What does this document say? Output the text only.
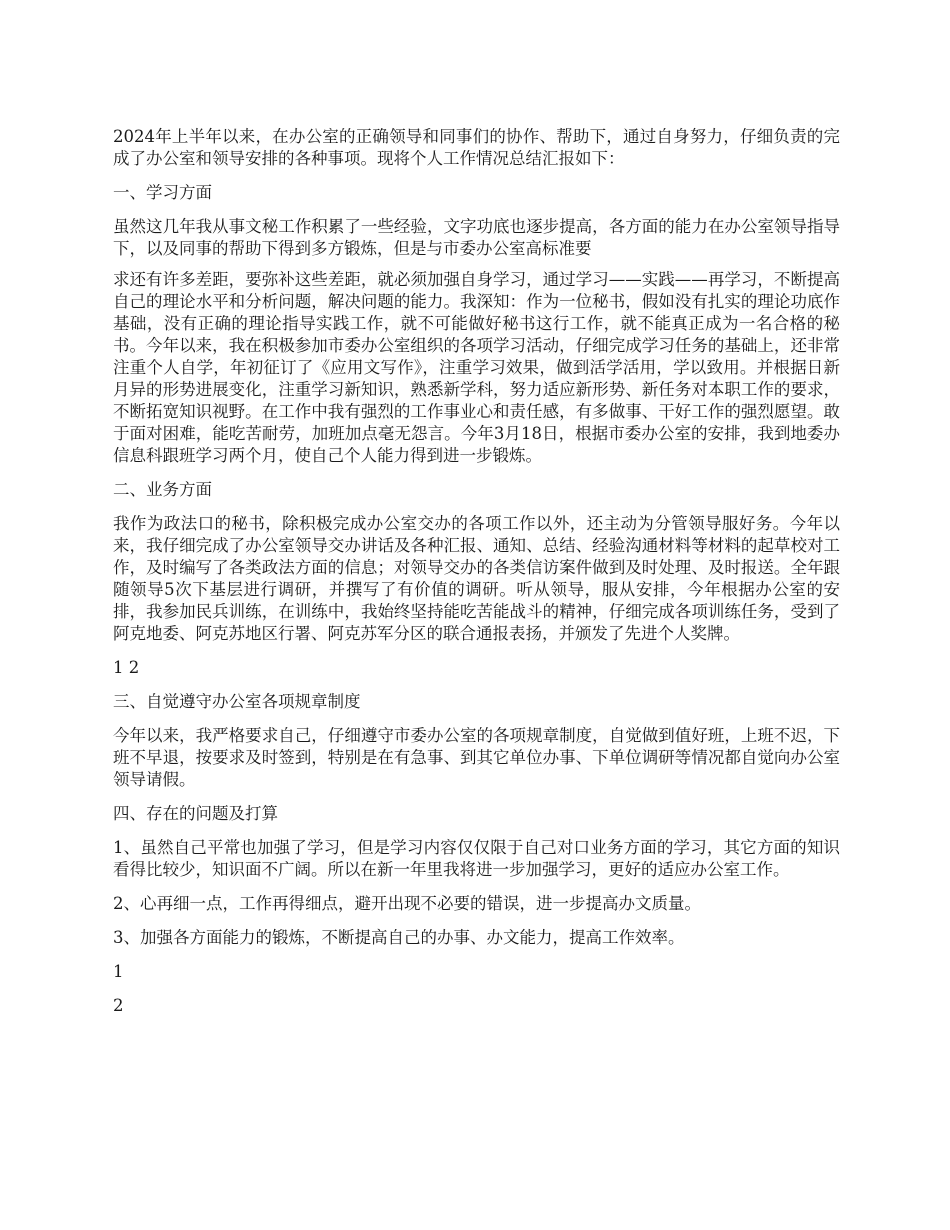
2024年上半年以来，在办公室的正确领导和同事们的协作、帮助下，通过自身努力，仔细负责的完成了办公室和领导安排的各种事项。现将个人工作情况总结汇报如下：

一、学习方面

虽然这几年我从事文秘工作积累了一些经验，文字功底也逐步提高，各方面的能力在办公室领导指导下，以及同事的帮助下得到多方锻炼，但是与市委办公室高标准要

求还有许多差距，要弥补这些差距，就必须加强自身学习，通过学习——实践——再学习，不断提高自己的理论水平和分析问题，解决问题的能力。我深知：作为一位秘书，假如没有扎实的理论功底作基础，没有正确的理论指导实践工作，就不可能做好秘书这行工作，就不能真正成为一名合格的秘书。今年以来，我在积极参加市委办公室组织的各项学习活动，仔细完成学习任务的基础上，还非常注重个人自学，年初征订了《应用文写作》，注重学习效果，做到活学活用，学以致用。并根据日新月异的形势进展变化，注重学习新知识，熟悉新学科，努力适应新形势、新任务对本职工作的要求，不断拓宽知识视野。在工作中我有强烈的工作事业心和责任感，有多做事、干好工作的强烈愿望。敢于面对困难，能吃苦耐劳，加班加点毫无怨言。今年3月18日，根据市委办公室的安排，我到地委办信息科跟班学习两个月，使自己个人能力得到进一步锻炼。

二、业务方面

我作为政法口的秘书，除积极完成办公室交办的各项工作以外，还主动为分管领导服好务。今年以来，我仔细完成了办公室领导交办讲话及各种汇报、通知、总结、经验沟通材料等材料的起草校对工作，及时编写了各类政法方面的信息；对领导交办的各类信访案件做到及时处理、及时报送。全年跟随领导5次下基层进行调研，并撰写了有价值的调研。听从领导，服从安排，今年根据办公室的安排，我参加民兵训练，在训练中，我始终坚持能吃苦能战斗的精神，仔细完成各项训练任务，受到了阿克地委、阿克苏地区行署、阿克苏军分区的联合通报表扬，并颁发了先进个人奖牌。

1 2

三、自觉遵守办公室各项规章制度

今年以来，我严格要求自己，仔细遵守市委办公室的各项规章制度，自觉做到值好班，上班不迟，下班不早退，按要求及时签到，特别是在有急事、到其它单位办事、下单位调研等情况都自觉向办公室领导请假。

四、存在的问题及打算

1、虽然自己平常也加强了学习，但是学习内容仅仅限于自己对口业务方面的学习，其它方面的知识看得比较少，知识面不广阔。所以在新一年里我将进一步加强学习，更好的适应办公室工作。

2、心再细一点，工作再得细点，避开出现不必要的错误，进一步提高办文质量。

3、加强各方面能力的锻炼，不断提高自己的办事、办文能力，提高工作效率。

1

2
